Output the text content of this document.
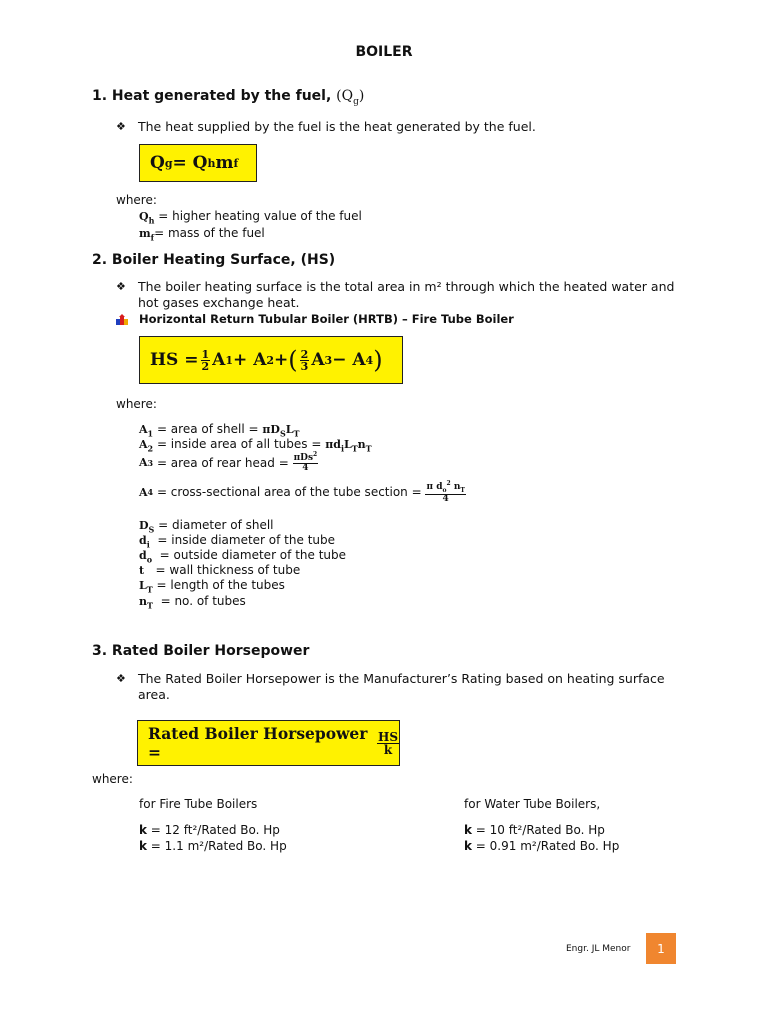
BOILER
1. Heat generated by the fuel, $(Q_g)$
❖ The heat supplied by the fuel is the heat generated by the fuel.
Q g = Q h m f
where:
$Q_h$ = higher heating value of the fuel
$m_f=$ mass of the fuel
2. Boiler Heating Surface, (HS)
❖ The boiler heating surface is the total area in m² through which the heated water and hot gases exchange heat.
Horizontal Return Tubular Boiler (HRTB) – Fire Tube Boiler
HS = $\frac{1}{2}$ A 1 + A 2 + ( $\frac{2}{3}$ A 3 − A 4 )
where:
$A_1$ = area of shell = $\pi D_SL_T$
$A_2$ = inside area of all tubes = $\pi d_iL_Tn_T$
A 3 = area of rear head = $\frac{\pi Ds^2}{4}$
A 4 = cross-sectional area of the tube section = $\frac{\pi d_o^2 n_T}{4}$
$D_S$ = diameter of shell
$d_i$  = inside diameter of the tube
$d_o$  = outside diameter of the tube
t   = wall thickness of tube
$L_T$ = length of the tubes
$n_T$  = no. of tubes
3. Rated Boiler Horsepower
❖ The Rated Boiler Horsepower is the Manufacturer’s Rating based on heating surface area.
Rated Boiler Horsepower =	$\frac{HS}{k}$
where:
for Fire Tube Boilers
k = 12 ft²/Rated Bo. Hp
k = 1.1 m²/Rated Bo. Hp
for Water Tube Boilers,
k = 10 ft²/Rated Bo. Hp
k = 0.91 m²/Rated Bo. Hp
Engr. JL Menor	1
